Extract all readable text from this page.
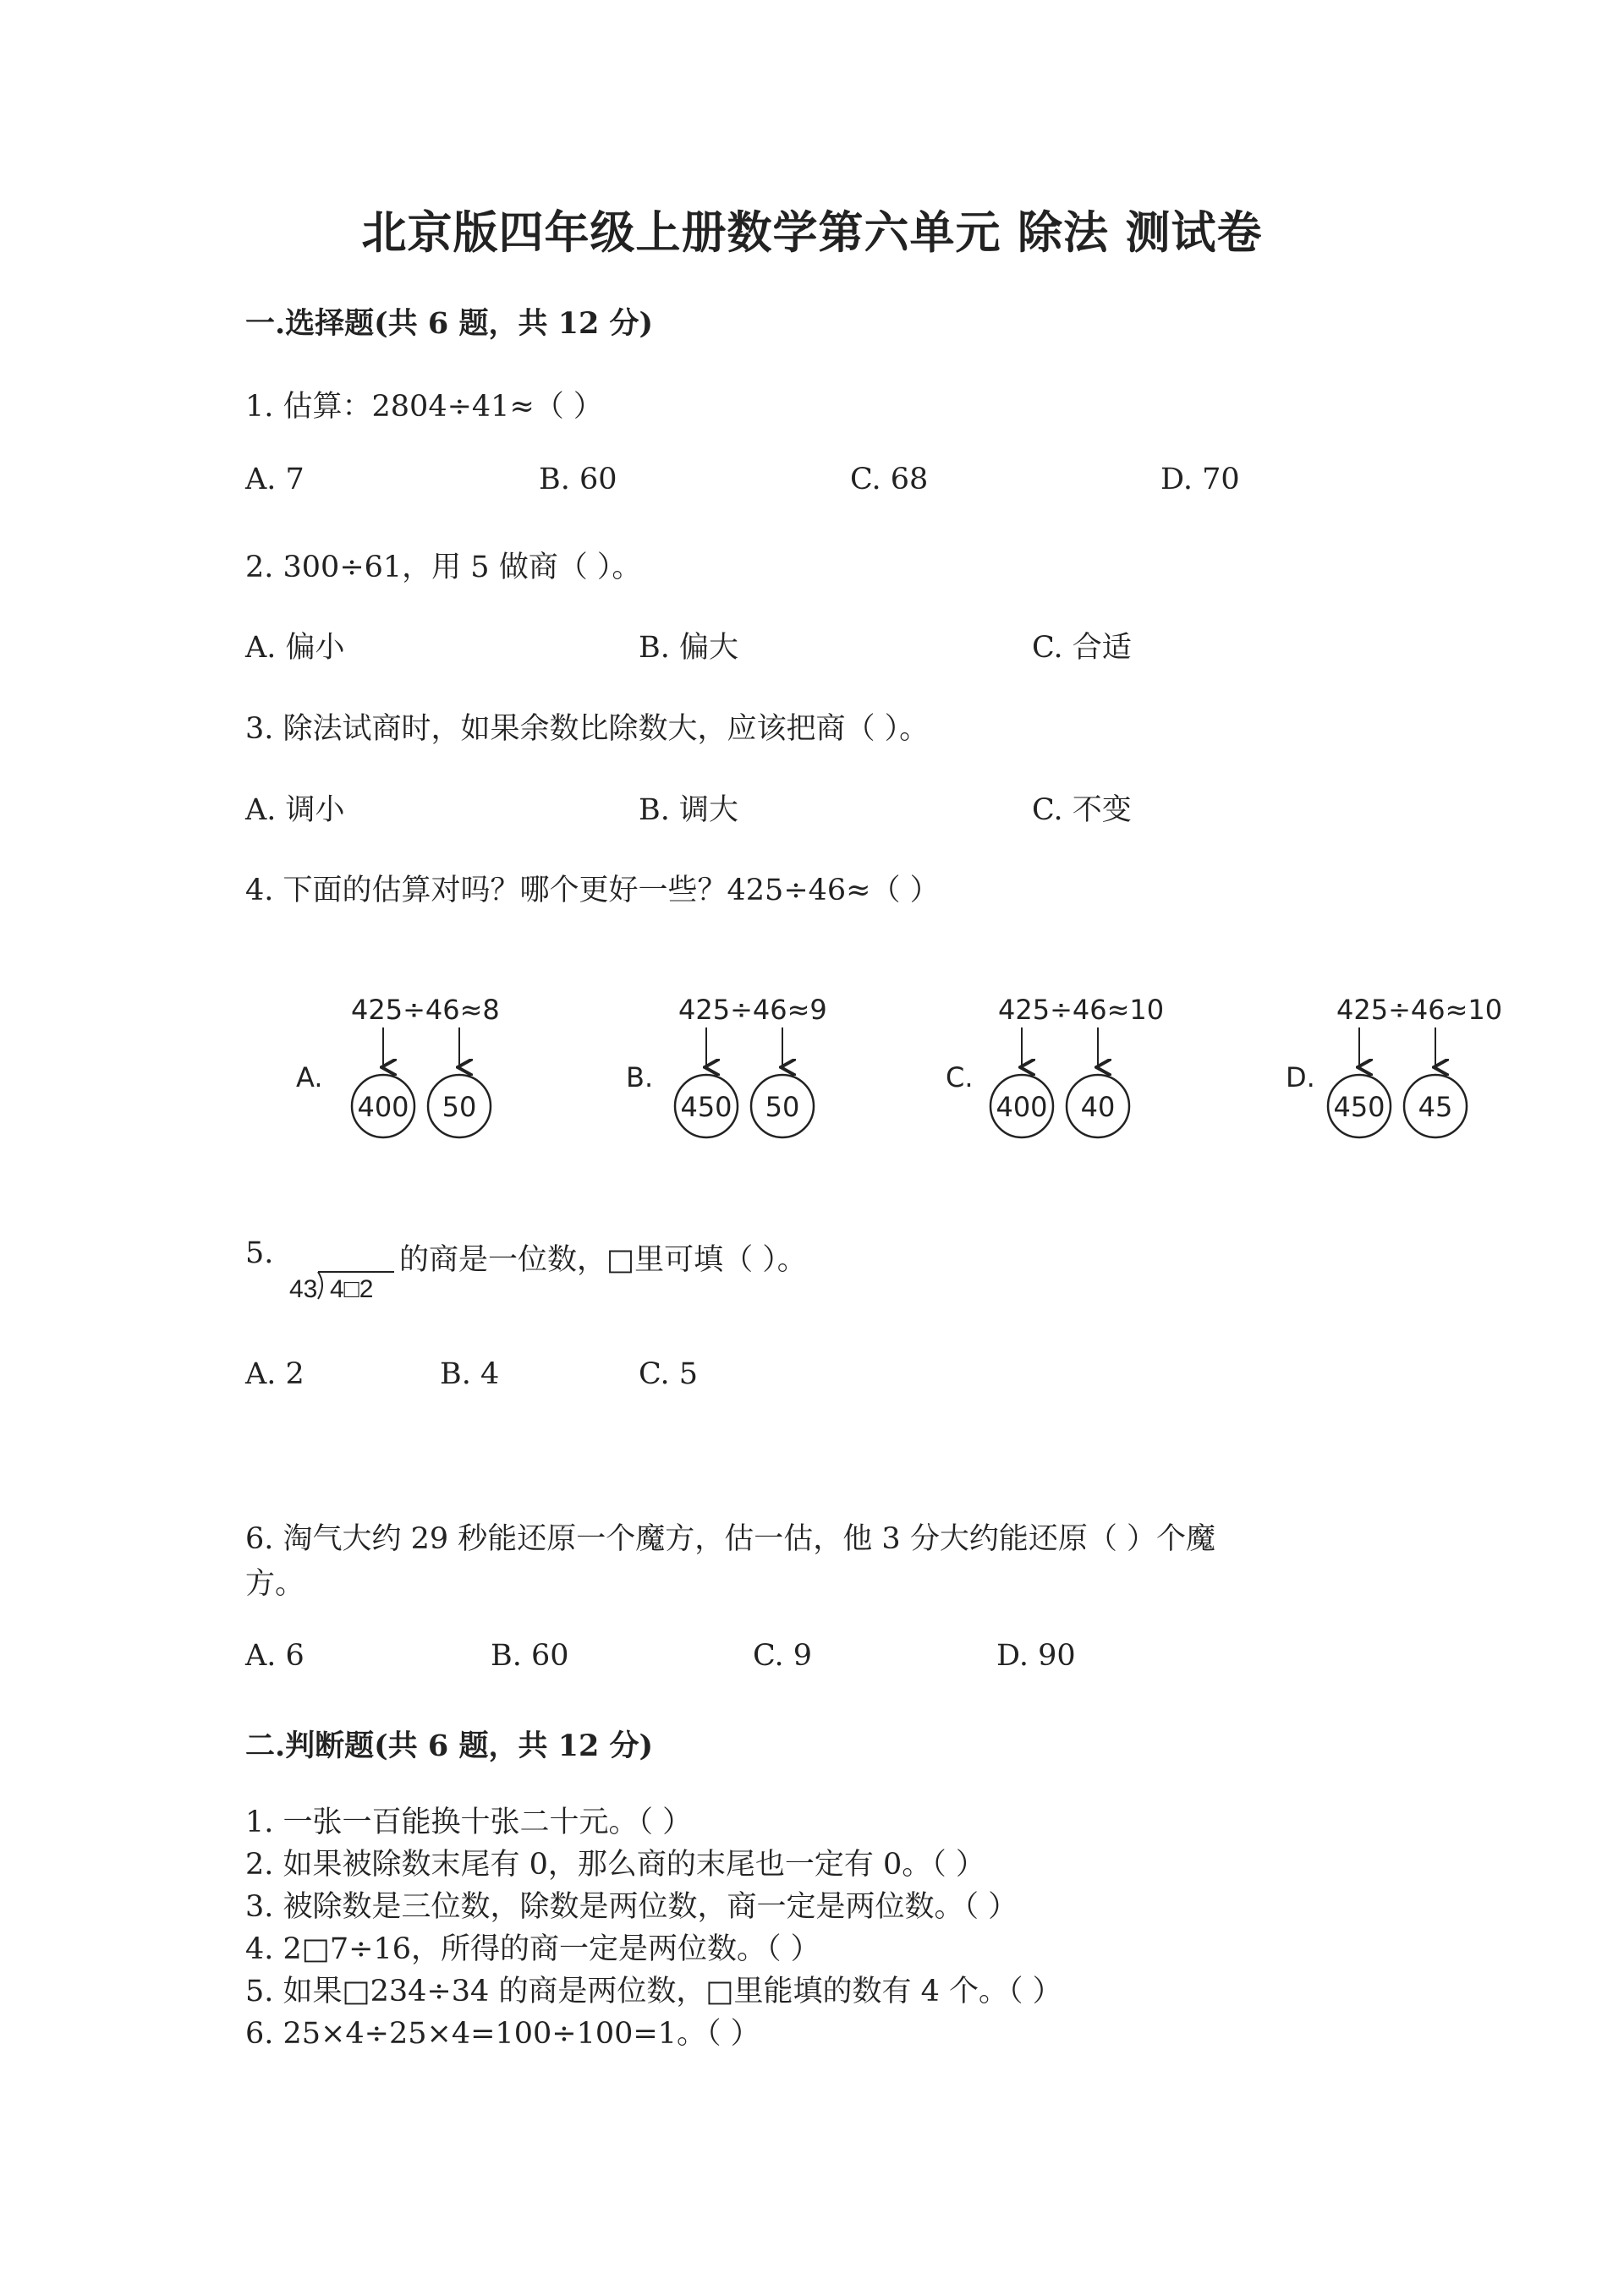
北京版四年级上册数学第六单元 除法 测试卷
一.选择题(共 6 题，共 12 分)
1. 估算：2804÷41≈（ ）
A. 7	B. 60	C. 68	D. 70
2. 300÷61，用 5 做商（ ）。
A. 偏小	B. 偏大	C. 合适
3. 除法试商时，如果余数比除数大，应该把商（ ）。
A. 调小	B. 调大	C. 不变
4. 下面的估算对吗？哪个更好一些？425÷46≈（ ）
A.
425÷46≈8
400 50
B.
425÷46≈9
450 50
C.
425÷46≈10
400 40
D.
425÷46≈10
450 45
5.
43 4□2
的商是一位数，□里可填（ ）。
A. 2	B. 4	C. 5
6. 淘气大约 29 秒能还原一个魔方，估一估，他 3 分大约能还原（ ）个魔
方。
A. 6	B. 60	C. 9	D. 90
二.判断题(共 6 题，共 12 分)
1. 一张一百能换十张二十元。（ ）
2. 如果被除数末尾有 0，那么商的末尾也一定有 0。（ ）
3. 被除数是三位数，除数是两位数，商一定是两位数。（ ）
4. 2□7÷16，所得的商一定是两位数。（ ）
5. 如果□234÷34 的商是两位数，□里能填的数有 4 个。（ ）
6. 25×4÷25×4=100÷100=1。（ ）
